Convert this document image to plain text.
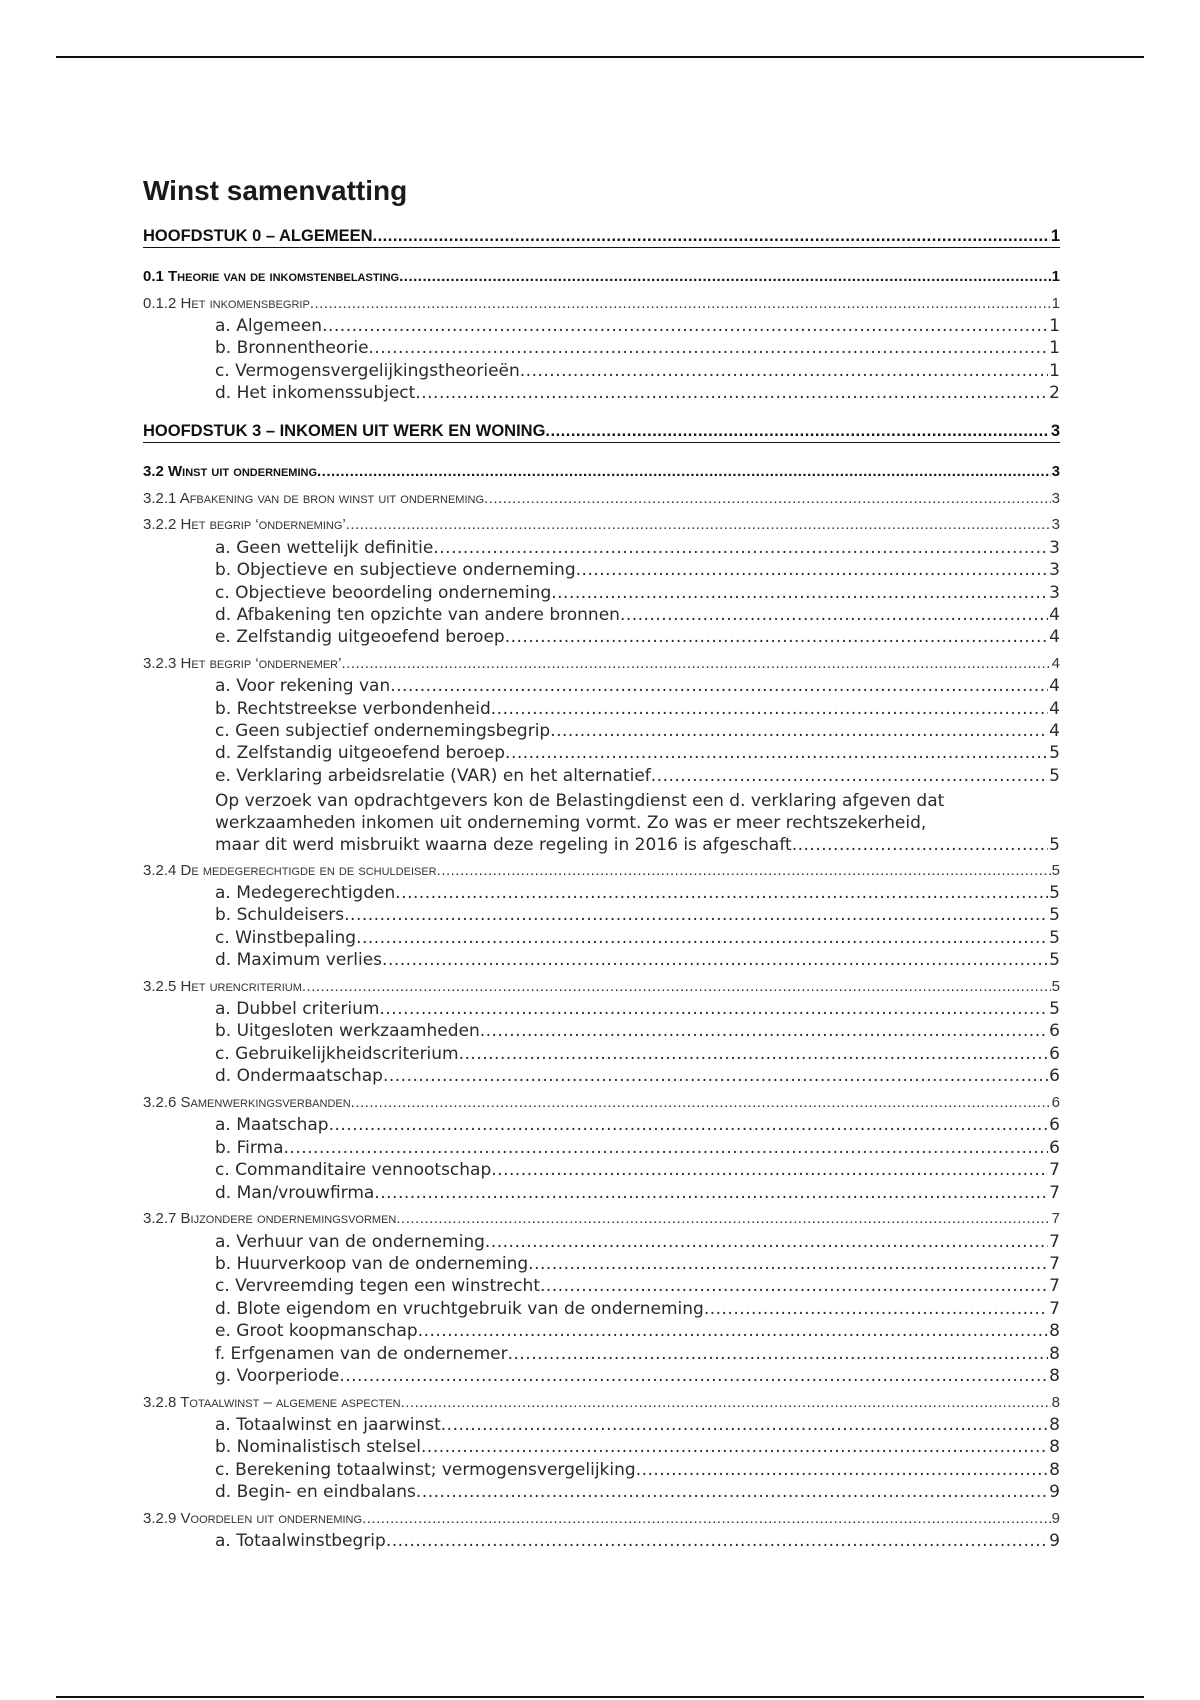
Winst samenvatting
HOOFDSTUK 0 – ALGEMEEN .....	1
0.1 Theorie van de inkomstenbelasting .....	1
0.1.2 Het inkomensbegrip .....	1
a. Algemeen .....	1
b. Bronnentheorie .....	1
c. Vermogensvergelijkingstheorieën .....	1
d. Het inkomenssubject .....	2
HOOFDSTUK 3 – INKOMEN UIT WERK EN WONING .....	3
3.2 Winst uit onderneming .....	3
3.2.1 Afbakening van de bron winst uit onderneming .....	3
3.2.2 Het begrip ‘onderneming’ .....	3
a. Geen wettelijk definitie .....	3
b. Objectieve en subjectieve onderneming .....	3
c. Objectieve beoordeling onderneming .....	3
d. Afbakening ten opzichte van andere bronnen .....	4
e. Zelfstandig uitgeoefend beroep .....	4
3.2.3 Het begrip ‘ondernemer’ .....	4
a. Voor rekening van .....	4
b. Rechtstreekse verbondenheid .....	4
c. Geen subjectief ondernemingsbegrip .....	4
d. Zelfstandig uitgeoefend beroep .....	5
e. Verklaring arbeidsrelatie (VAR) en het alternatief .....	5
Op verzoek van opdrachtgevers kon de Belastingdienst een d. verklaring afgeven dat werkzaamheden inkomen uit onderneming vormt. Zo was er meer rechtszekerheid,
maar dit werd misbruikt waarna deze regeling in 2016 is afgeschaft .....	5
3.2.4 De medegerechtigde en de schuldeiser .....	5
a. Medegerechtigden .....	5
b. Schuldeisers .....	5
c. Winstbepaling .....	5
d. Maximum verlies .....	5
3.2.5 Het urencriterium .....	5
a. Dubbel criterium .....	5
b. Uitgesloten werkzaamheden .....	6
c. Gebruikelijkheidscriterium .....	6
d. Ondermaatschap .....	6
3.2.6 Samenwerkingsverbanden .....	6
a. Maatschap .....	6
b. Firma .....	6
c. Commanditaire vennootschap .....	7
d. Man/vrouwfirma .....	7
3.2.7 Bijzondere ondernemingsvormen .....	7
a. Verhuur van de onderneming .....	7
b. Huurverkoop van de onderneming .....	7
c. Vervreemding tegen een winstrecht .....	7
d. Blote eigendom en vruchtgebruik van de onderneming .....	7
e. Groot koopmanschap .....	8
f. Erfgenamen van de ondernemer .....	8
g. Voorperiode .....	8
3.2.8 Totaalwinst – algemene aspecten .....	8
a. Totaalwinst en jaarwinst .....	8
b. Nominalistisch stelsel .....	8
c. Berekening totaalwinst; vermogensvergelijking .....	8
d. Begin- en eindbalans .....	9
3.2.9 Voordelen uit onderneming .....	9
a. Totaalwinstbegrip .....	9
